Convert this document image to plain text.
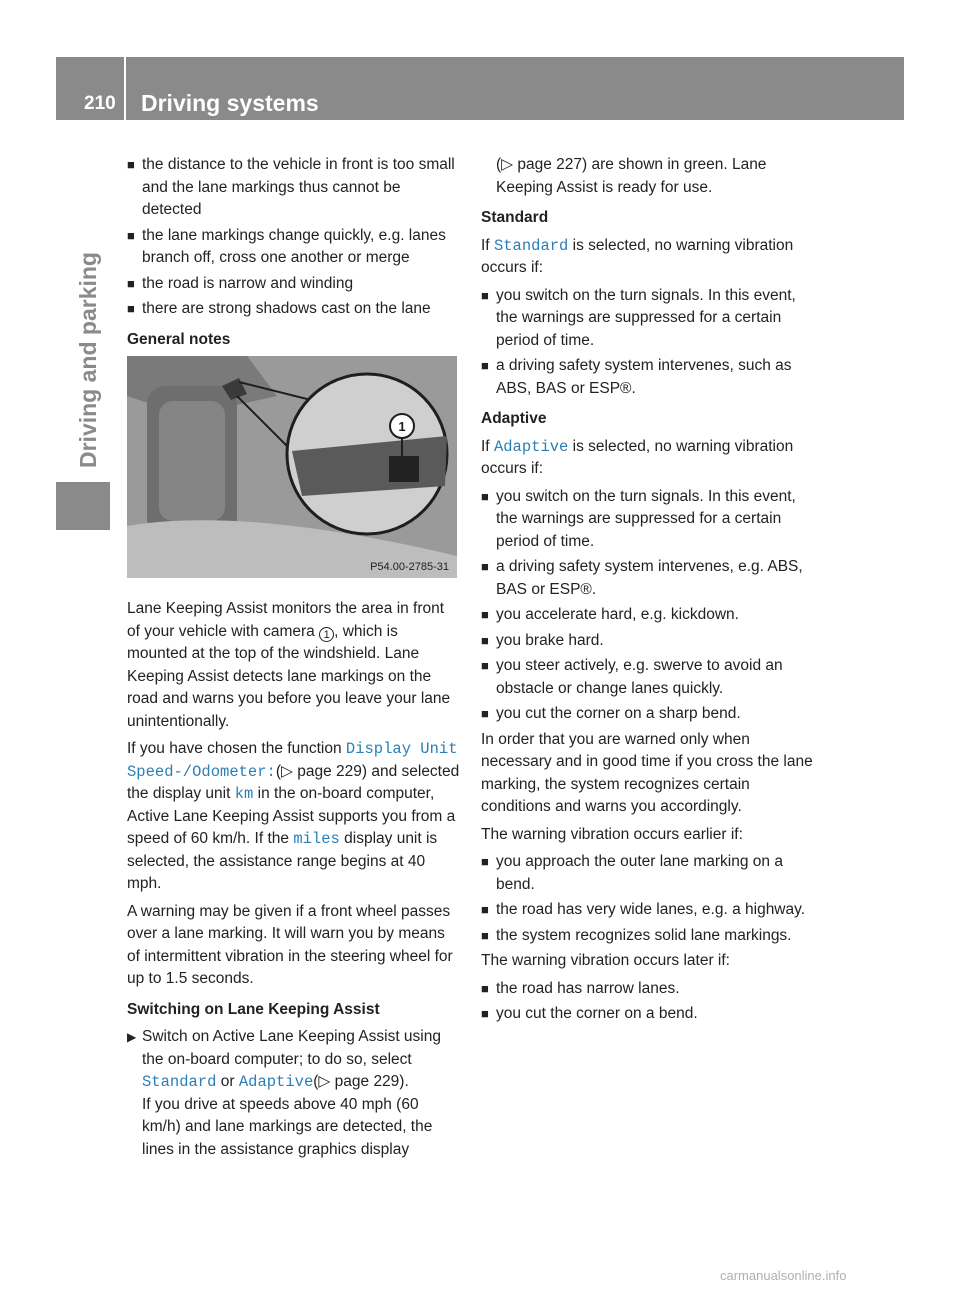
210 Driving systems
Driving and parking
■ the distance to the vehicle in front is too small and the lane markings thus cannot be detected
■ the lane markings change quickly, e.g. lanes branch off, cross one another or merge
■ the road is narrow and winding
■ there are strong shadows cast on the lane
General notes
1
P54.00-2785-31

Lane Keeping Assist monitors the area in front of your vehicle with camera 1 , which is mounted at the top of the windshield. Lane Keeping Assist detects lane markings on the road and warns you before you leave your lane unintentionally.

If you have chosen the function Display Unit Speed-/Odometer:(▷ page 229) and selected the display unit km in the on-board computer, Active Lane Keeping Assist supports you from a speed of 60 km/h. If the miles display unit is selected, the assistance range begins at 40 mph.

A warning may be given if a front wheel passes over a lane marking. It will warn you by means of intermittent vibration in the steering wheel for up to 1.5 seconds.

Switching on Lane Keeping Assist
▶ Switch on Active Lane Keeping Assist using the on-board computer; to do so, select Standard or Adaptive(▷ page 229).
If you drive at speeds above 40 mph (60 km/h) and lane markings are detected, the lines in the assistance graphics display

(▷ page 227) are shown in green. Lane Keeping Assist is ready for use.

Standard

If Standard is selected, no warning vibration occurs if:

■ you switch on the turn signals. In this event, the warnings are suppressed for a certain period of time.
■ a driving safety system intervenes, such as ABS, BAS or ESP®.
Adaptive

If Adaptive is selected, no warning vibration occurs if:

■ you switch on the turn signals. In this event, the warnings are suppressed for a certain period of time.
■ a driving safety system intervenes, e.g. ABS, BAS or ESP®.
■ you accelerate hard, e.g. kickdown.
■ you brake hard.
■ you steer actively, e.g. swerve to avoid an obstacle or change lanes quickly.
■ you cut the corner on a sharp bend.

In order that you are warned only when necessary and in good time if you cross the lane marking, the system recognizes certain conditions and warns you accordingly.

The warning vibration occurs earlier if:

■ you approach the outer lane marking on a bend.
■ the road has very wide lanes, e.g. a highway.
■ the system recognizes solid lane markings.

The warning vibration occurs later if:

■ the road has narrow lanes.
■ you cut the corner on a bend.
carmanualsonline.info
